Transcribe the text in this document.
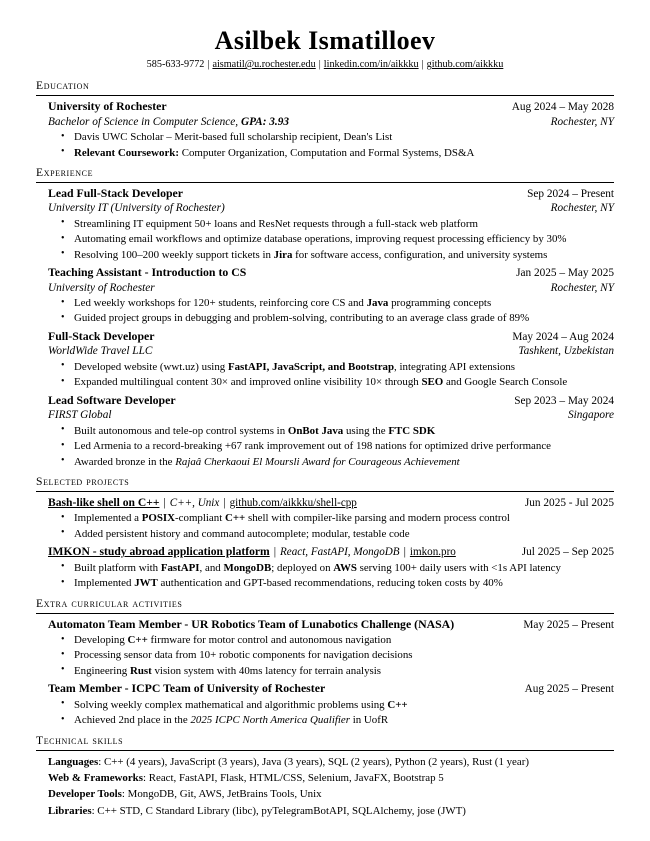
Asilbek Ismatilloev
585-633-9772 | aismatil@u.rochester.edu | linkedin.com/in/aikkku | github.com/aikkku
Education
University of Rochester	Aug 2024 – May 2028
Bachelor of Science in Computer Science, GPA: 3.93	Rochester, NY
• Davis UWC Scholar – Merit-based full scholarship recipient, Dean's List
• Relevant Coursework: Computer Organization, Computation and Formal Systems, DS&A
Experience
Lead Full-Stack Developer	Sep 2024 – Present
University IT (University of Rochester)	Rochester, NY
• Streamlining IT equipment 50+ loans and ResNet requests through a full-stack web platform
• Automating email workflows and optimize database operations, improving request processing efficiency by 30%
• Resolving 100–200 weekly support tickets in Jira for software access, configuration, and university systems
Teaching Assistant - Introduction to CS	Jan 2025 – May 2025
University of Rochester	Rochester, NY
• Led weekly workshops for 120+ students, reinforcing core CS and Java programming concepts
• Guided project groups in debugging and problem-solving, contributing to an average class grade of 89%
Full-Stack Developer	May 2024 – Aug 2024
WorldWide Travel LLC	Tashkent, Uzbekistan
• Developed website (wwt.uz) using FastAPI, JavaScript, and Bootstrap, integrating API extensions
• Expanded multilingual content 30× and improved online visibility 10× through SEO and Google Search Console
Lead Software Developer	Sep 2023 – May 2024
FIRST Global	Singapore
• Built autonomous and tele-op control systems in OnBot Java using the FTC SDK
• Led Armenia to a record-breaking +67 rank improvement out of 198 nations for optimized drive performance
• Awarded bronze in the Rajaâ Cherkaoui El Moursli Award for Courageous Achievement
Selected projects
Bash-like shell on C++ | C++, Unix | github.com/aikkku/shell-cpp	Jun 2025 - Jul 2025
• Implemented a POSIX-compliant C++ shell with compiler-like parsing and modern process control
• Added persistent history and command autocomplete; modular, testable code
IMKON - study abroad application platform | React, FastAPI, MongoDB | imkon.pro	Jul 2025 – Sep 2025
• Built platform with FastAPI, and MongoDB; deployed on AWS serving 100+ daily users with <1s API latency
• Implemented JWT authentication and GPT-based recommendations, reducing token costs by 40%
Extra curricular activities
Automaton Team Member - UR Robotics Team of Lunabotics Challenge (NASA)	May 2025 – Present
• Developing C++ firmware for motor control and autonomous navigation
• Processing sensor data from 10+ robotic components for navigation decisions
• Engineering Rust vision system with 40ms latency for terrain analysis
Team Member - ICPC Team of University of Rochester	Aug 2025 – Present
• Solving weekly complex mathematical and algorithmic problems using C++
• Achieved 2nd place in the 2025 ICPC North America Qualifier in UofR
Technical skills
Languages: C++ (4 years), JavaScript (3 years), Java (3 years), SQL (2 years), Python (2 years), Rust (1 year)
Web & Frameworks: React, FastAPI, Flask, HTML/CSS, Selenium, JavaFX, Bootstrap 5
Developer Tools: MongoDB, Git, AWS, JetBrains Tools, Unix
Libraries: C++ STD, C Standard Library (libc), pyTelegramBotAPI, SQLAlchemy, jose (JWT)
